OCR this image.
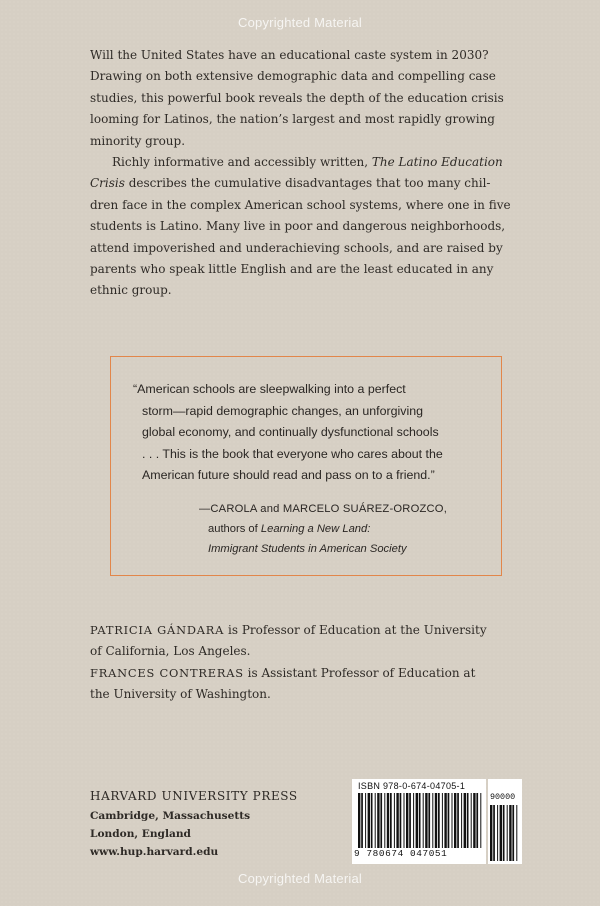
Copyrighted Material

Will the United States have an educational caste system in 2030?
Drawing on both extensive demographic data and compelling case
studies, this powerful book reveals the depth of the education crisis
looming for Latinos, the nation’s largest and most rapidly growing
minority group.

Richly informative and accessibly written, The Latino Education
Crisis describes the cumulative disadvantages that too many chil-
dren face in the complex American school systems, where one in five
students is Latino. Many live in poor and dangerous neighborhoods,
attend impoverished and underachieving schools, and are raised by
parents who speak little English and are the least educated in any
ethnic group.

“American schools are sleepwalking into a perfect
storm—rapid demographic changes, an unforgiving
global economy, and continually dysfunctional schools
. . . This is the book that everyone who cares about the
American future should read and pass on to a friend.”
—CAROLA and MARCELO SUÁREZ-OROZCO,
authors of Learning a New Land:
Immigrant Students in American Society

PATRICIA GÁNDARA is Professor of Education at the University
of California, Los Angeles.

FRANCES CONTRERAS is Assistant Professor of Education at
the University of Washington.

HARVARD UNIVERSITY PRESS
Cambridge, Massachusetts
London, England
www.hup.harvard.edu
ISBN 978-0-674-04705-1
9 780674 047051
90000
Copyrighted Material
